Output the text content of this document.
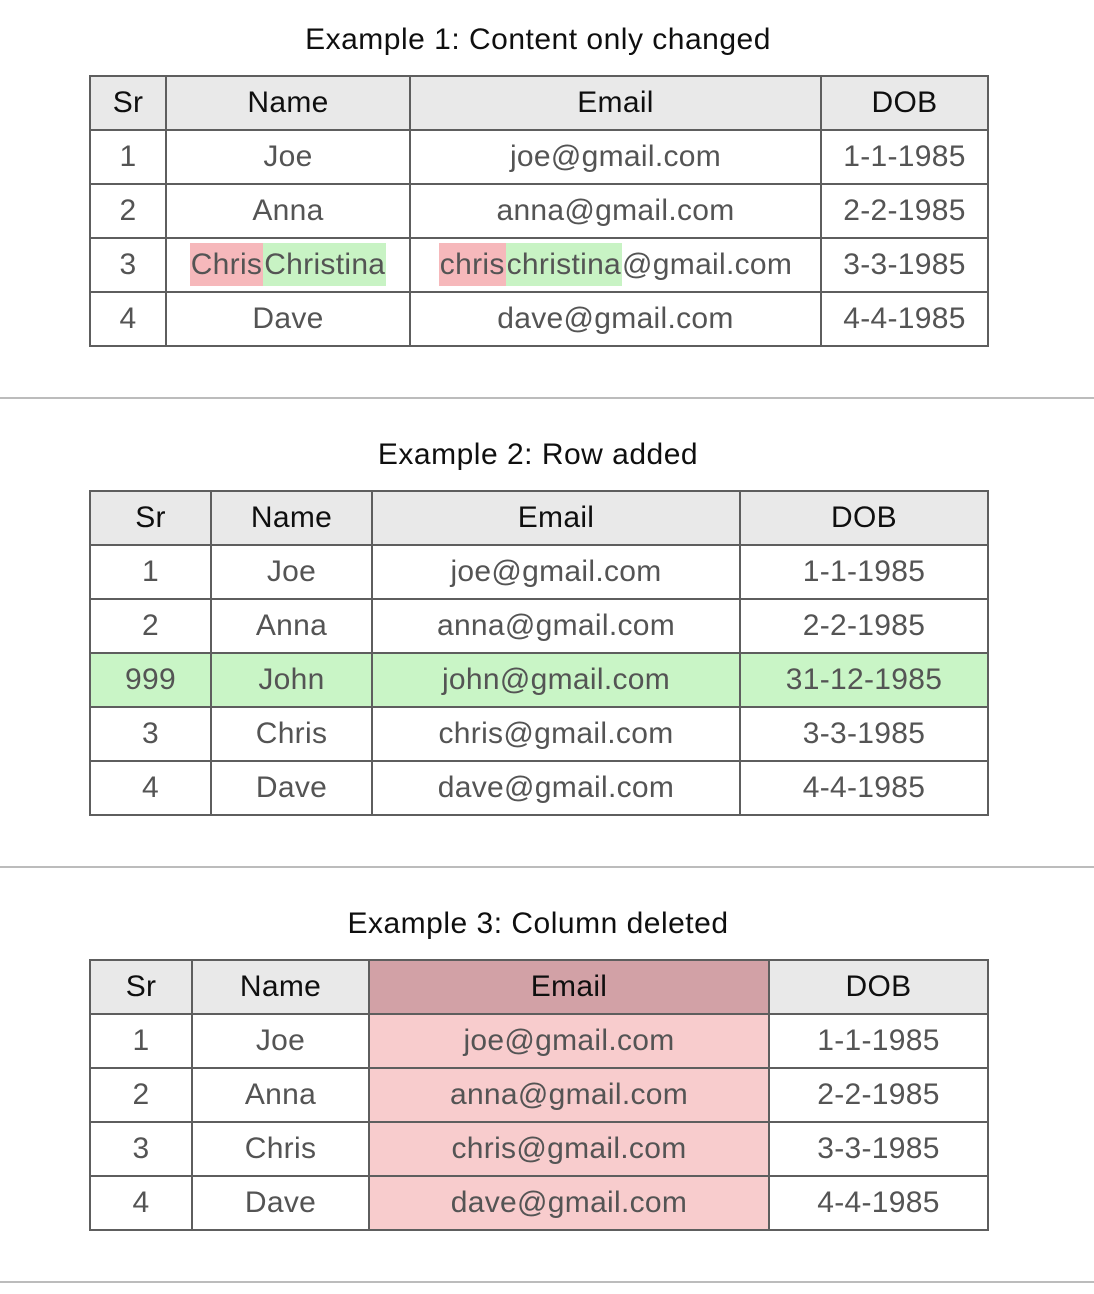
Example 1: Content only changed
Sr	Name	Email	DOB
1	Joe	joe@gmail.com	1-1-1985
2	Anna	anna@gmail.com	2-2-1985
3	ChrisChristina	chrischristina@gmail.com	3-3-1985
4	Dave	dave@gmail.com	4-4-1985
Example 2: Row added
Sr	Name	Email	DOB
1	Joe	joe@gmail.com	1-1-1985
2	Anna	anna@gmail.com	2-2-1985
999	John	john@gmail.com	31-12-1985
3	Chris	chris@gmail.com	3-3-1985
4	Dave	dave@gmail.com	4-4-1985
Example 3: Column deleted
Sr	Name	Email	DOB
1	Joe	joe@gmail.com	1-1-1985
2	Anna	anna@gmail.com	2-2-1985
3	Chris	chris@gmail.com	3-3-1985
4	Dave	dave@gmail.com	4-4-1985
